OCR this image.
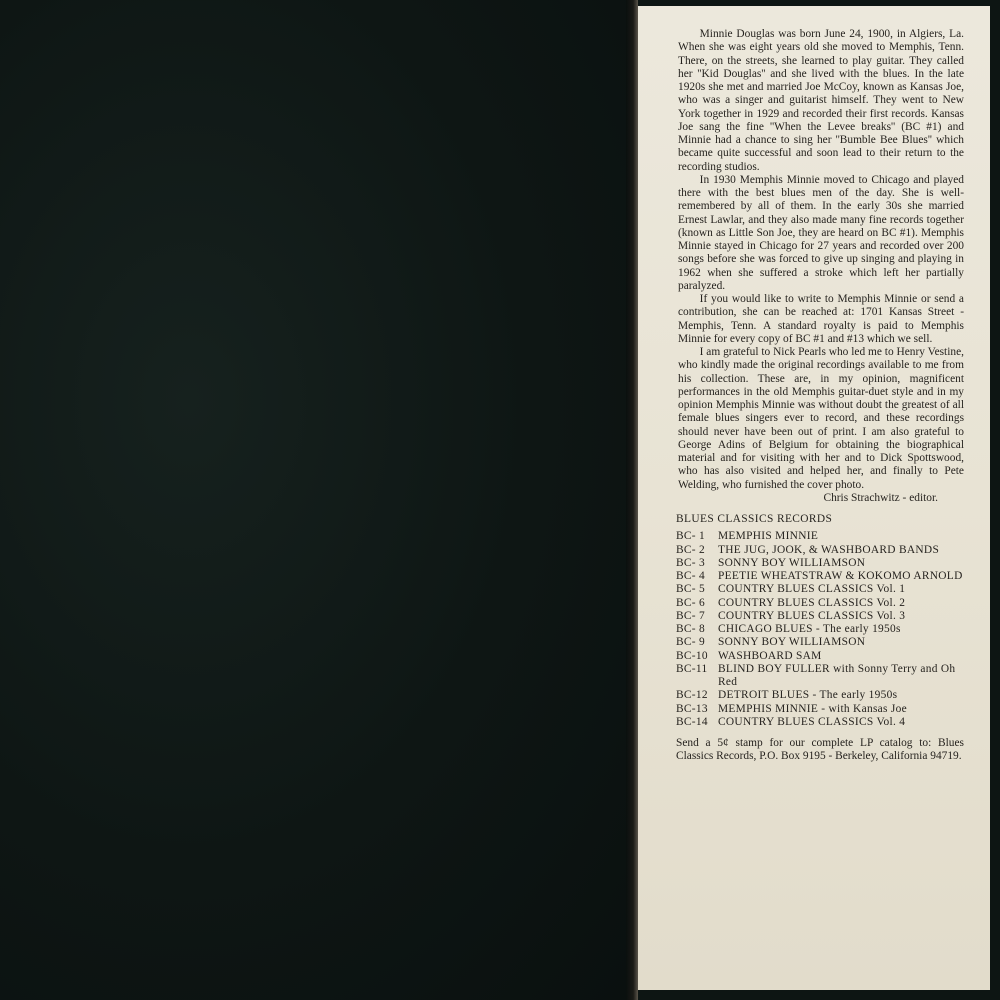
Minnie Douglas was born June 24, 1900, in Algiers, La. When she was eight years old she moved to Memphis, Tenn. There, on the streets, she learned to play guitar. They called her ''Kid Douglas'' and she lived with the blues. In the late 1920s she met and married Joe McCoy, known as Kansas Joe, who was a singer and guitarist himself. They went to New York together in 1929 and recorded their first records. Kansas Joe sang the fine ''When the Levee breaks'' (BC #1) and Minnie had a chance to sing her ''Bumble Bee Blues'' which became quite successful and soon lead to their return to the recording studios.

In 1930 Memphis Minnie moved to Chicago and played there with the best blues men of the day. She is well-remembered by all of them. In the early 30s she married Ernest Lawlar, and they also made many fine records together (known as Little Son Joe, they are heard on BC #1). Memphis Minnie stayed in Chicago for 27 years and recorded over 200 songs before she was forced to give up singing and playing in 1962 when she suffered a stroke which left her partially paralyzed.

If you would like to write to Memphis Minnie or send a contribution, she can be reached at: 1701 Kansas Street - Memphis, Tenn. A standard royalty is paid to Memphis Minnie for every copy of BC #1 and #13 which we sell.

I am grateful to Nick Pearls who led me to Henry Vestine, who kindly made the original recordings available to me from his collection. These are, in my opinion, magnificent performances in the old Memphis guitar-duet style and in my opinion Memphis Minnie was without doubt the greatest of all female blues singers ever to record, and these recordings should never have been out of print. I am also grateful to George Adins of Belgium for obtaining the biographical material and for visiting with her and to Dick Spottswood, who has also visited and helped her, and finally to Pete Welding, who furnished the cover photo.

Chris Strachwitz - editor.

BLUES CLASSICS RECORDS
BC- 1	MEMPHIS MINNIE
BC- 2	THE JUG, JOOK, & WASHBOARD BANDS
BC- 3	SONNY BOY WILLIAMSON
BC- 4	PEETIE WHEATSTRAW & KOKOMO ARNOLD
BC- 5	COUNTRY BLUES CLASSICS Vol. 1
BC- 6	COUNTRY BLUES CLASSICS Vol. 2
BC- 7	COUNTRY BLUES CLASSICS Vol. 3
BC- 8	CHICAGO BLUES - The early 1950s
BC- 9	SONNY BOY WILLIAMSON
BC-10 WASHBOARD SAM
BC-11 BLIND BOY FULLER with Sonny Terry and Oh Red
BC-12 DETROIT BLUES - The early 1950s
BC-13 MEMPHIS MINNIE - with Kansas Joe
BC-14 COUNTRY BLUES CLASSICS Vol. 4

Send a 5¢ stamp for our complete LP catalog to: Blues Classics Records, P.O. Box 9195 - Berkeley, California 94719.
